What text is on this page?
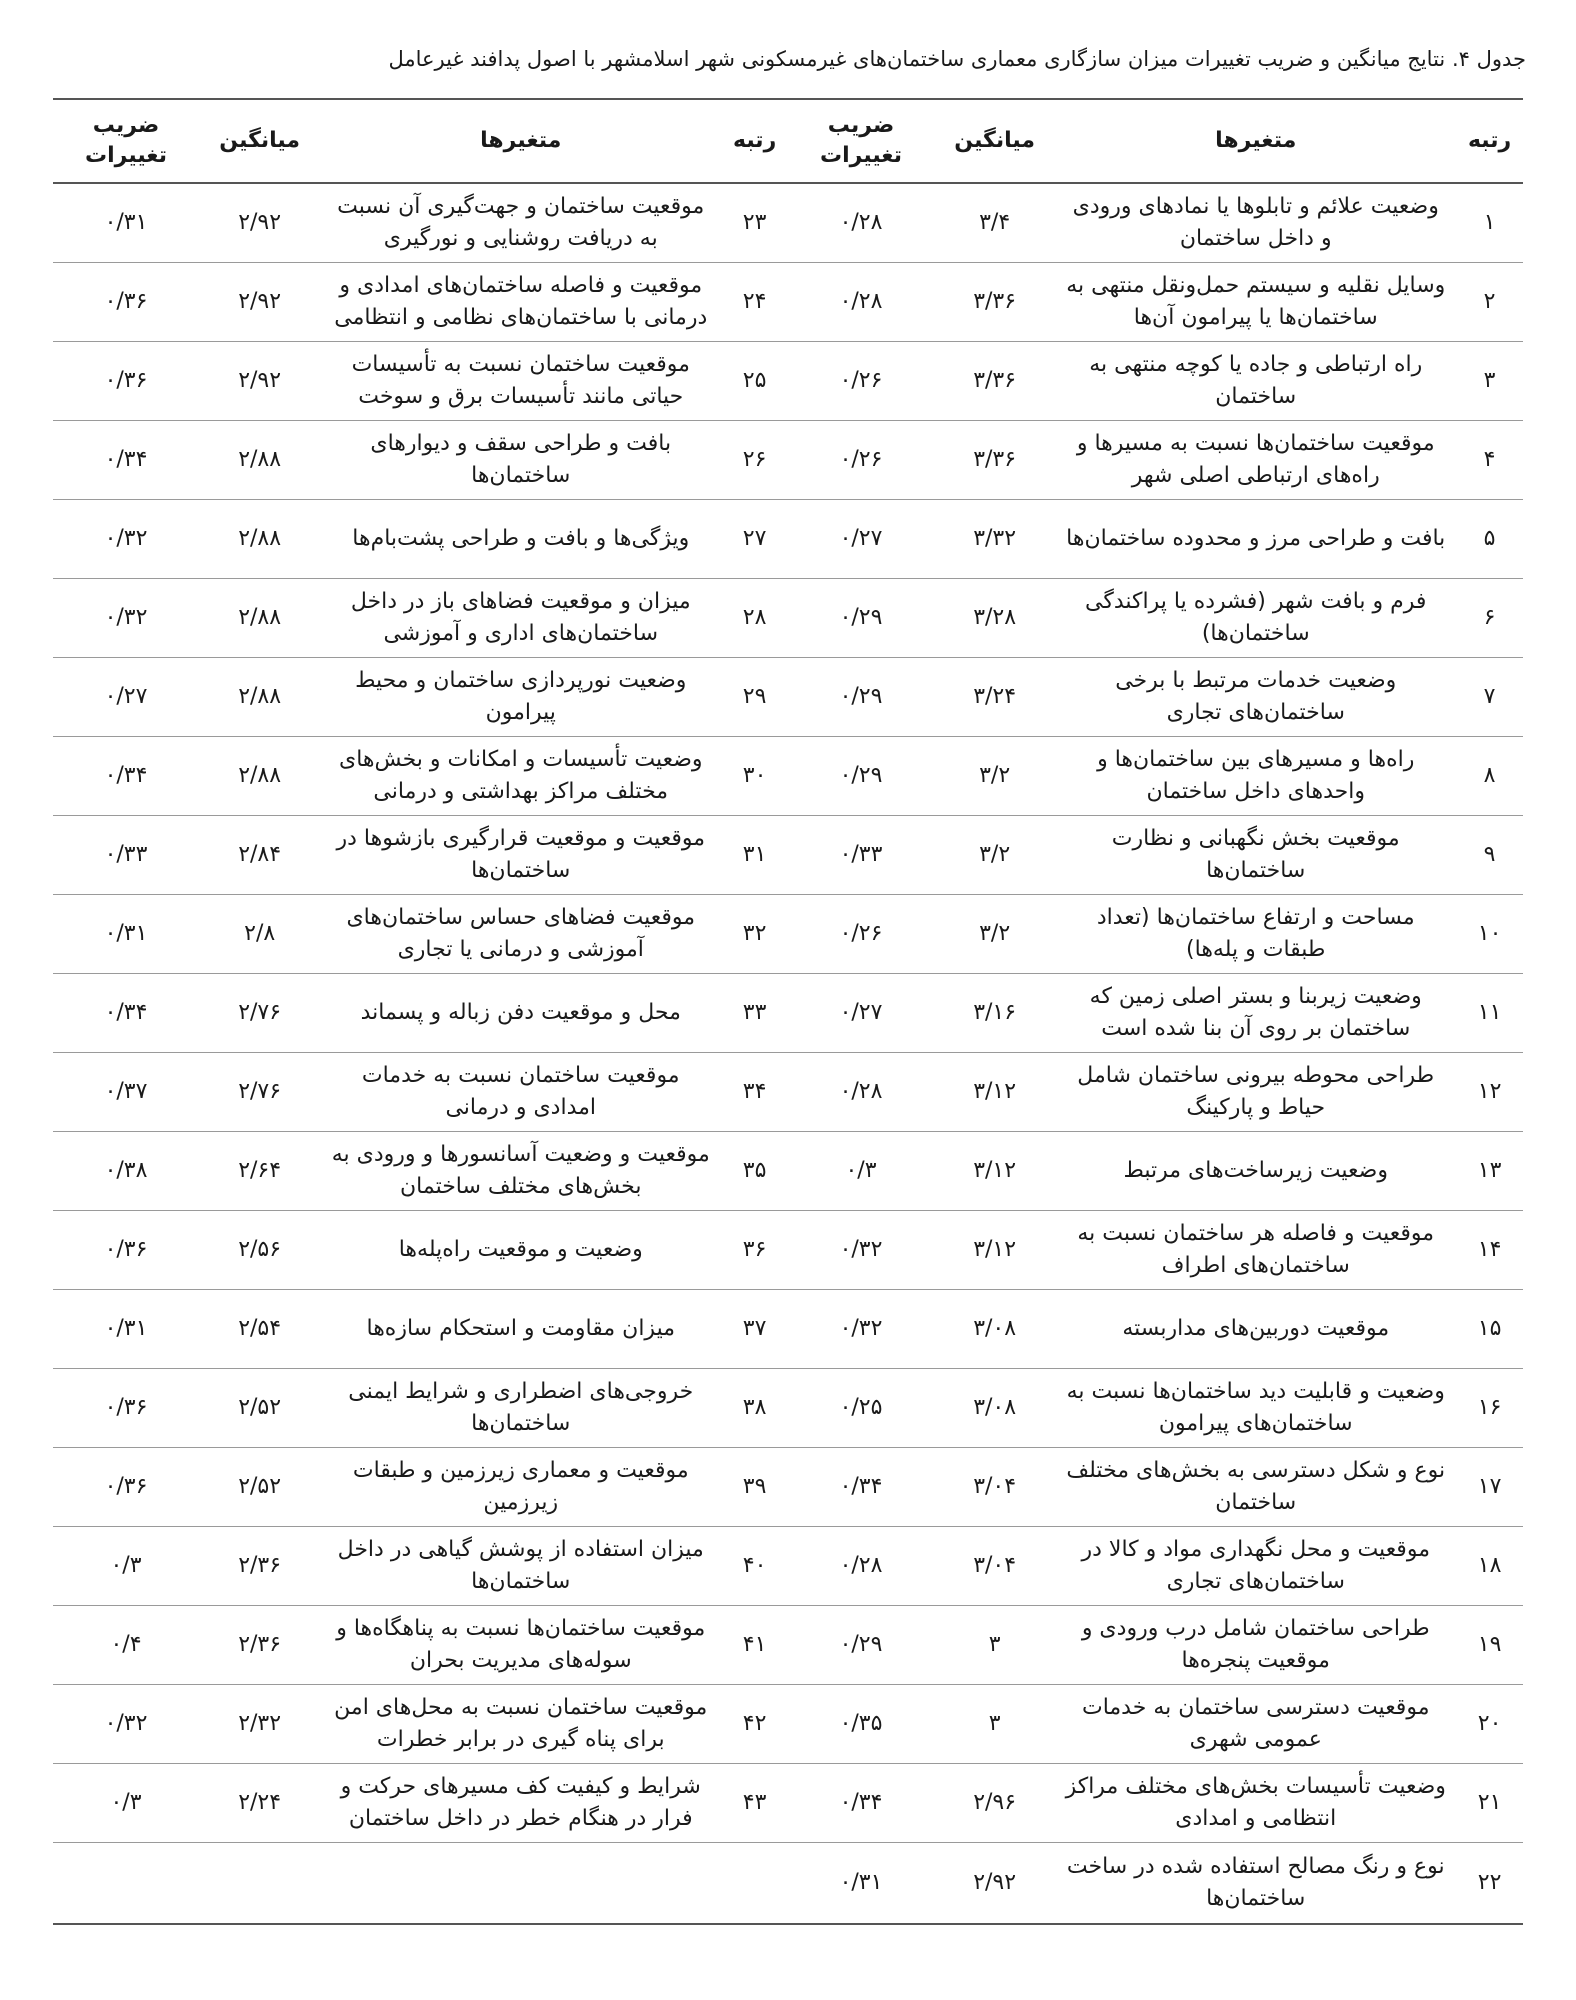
جدول ۴. نتایج میانگین و ضریب تغییرات میزان سازگاری معماری ساختمان‌های غیرمسکونی شهر اسلامشهر با اصول پدافند غیرعامل
رتبه	متغیرها	میانگین	ضریب تغییرات	رتبه	متغیرها	میانگین	ضریب تغییرات
۱	وضعیت علائم و تابلوها یا نمادهای ورودی و داخل ساختمان	۳/۴	۰/۲۸	۲۳	موقعیت ساختمان و جهت‌گیری آن نسبت به دریافت روشنایی و نورگیری	۲/۹۲	۰/۳۱
۲	وسایل نقلیه و سیستم حمل‌ونقل منتهی به ساختمان‌ها یا پیرامون آن‌ها	۳/۳۶	۰/۲۸	۲۴	موقعیت و فاصله ساختمان‌های امدادی و درمانی با ساختمان‌های نظامی و انتظامی	۲/۹۲	۰/۳۶
۳	راه ارتباطی و جاده یا کوچه منتهی به ساختمان	۳/۳۶	۰/۲۶	۲۵	موقعیت ساختمان نسبت به تأسیسات حیاتی مانند تأسیسات برق و سوخت	۲/۹۲	۰/۳۶
۴	موقعیت ساختمان‌ها نسبت به مسیرها و راه‌های ارتباطی اصلی شهر	۳/۳۶	۰/۲۶	۲۶	بافت و طراحی سقف و دیوارهای ساختمان‌ها	۲/۸۸	۰/۳۴
۵	بافت و طراحی مرز و محدوده ساختمان‌ها	۳/۳۲	۰/۲۷	۲۷	ویژگی‌ها و بافت و طراحی پشت‌بام‌ها	۲/۸۸	۰/۳۲
۶	فرم و بافت شهر (فشرده یا پراکندگی ساختمان‌ها)	۳/۲۸	۰/۲۹	۲۸	میزان و موقعیت فضاهای باز در داخل ساختمان‌های اداری و آموزشی	۲/۸۸	۰/۳۲
۷	وضعیت خدمات مرتبط با برخی ساختمان‌های تجاری	۳/۲۴	۰/۲۹	۲۹	وضعیت نورپردازی ساختمان و محیط پیرامون	۲/۸۸	۰/۲۷
۸	راه‌ها و مسیرهای بین ساختمان‌ها و واحدهای داخل ساختمان	۳/۲	۰/۲۹	۳۰	وضعیت تأسیسات و امکانات و بخش‌های مختلف مراکز بهداشتی و درمانی	۲/۸۸	۰/۳۴
۹	موقعیت بخش نگهبانی و نظارت ساختمان‌ها	۳/۲	۰/۳۳	۳۱	موقعیت و موقعیت قرارگیری بازشوها در ساختمان‌ها	۲/۸۴	۰/۳۳
۱۰	مساحت و ارتفاع ساختمان‌ها (تعداد طبقات و پله‌ها)	۳/۲	۰/۲۶	۳۲	موقعیت فضاهای حساس ساختمان‌های آموزشی و درمانی یا تجاری	۲/۸	۰/۳۱
۱۱	وضعیت زیربنا و بستر اصلی زمین که ساختمان بر روی آن بنا شده است	۳/۱۶	۰/۲۷	۳۳	محل و موقعیت دفن زباله و پسماند	۲/۷۶	۰/۳۴
۱۲	طراحی محوطه بیرونی ساختمان شامل حیاط و پارکینگ	۳/۱۲	۰/۲۸	۳۴	موقعیت ساختمان نسبت به خدمات امدادی و درمانی	۲/۷۶	۰/۳۷
۱۳	وضعیت زیرساخت‌های مرتبط	۳/۱۲	۰/۳	۳۵	موقعیت و وضعیت آسانسورها و ورودی به بخش‌های مختلف ساختمان	۲/۶۴	۰/۳۸
۱۴	موقعیت و فاصله هر ساختمان نسبت به ساختمان‌های اطراف	۳/۱۲	۰/۳۲	۳۶	وضعیت و موقعیت راه‌پله‌ها	۲/۵۶	۰/۳۶
۱۵	موقعیت دوربین‌های مداربسته	۳/۰۸	۰/۳۲	۳۷	میزان مقاومت و استحکام سازه‌ها	۲/۵۴	۰/۳۱
۱۶	وضعیت و قابلیت دید ساختمان‌ها نسبت به ساختمان‌های پیرامون	۳/۰۸	۰/۲۵	۳۸	خروجی‌های اضطراری و شرایط ایمنی ساختمان‌ها	۲/۵۲	۰/۳۶
۱۷	نوع و شکل دسترسی به بخش‌های مختلف ساختمان	۳/۰۴	۰/۳۴	۳۹	موقعیت و معماری زیرزمین و طبقات زیرزمین	۲/۵۲	۰/۳۶
۱۸	موقعیت و محل نگهداری مواد و کالا در ساختمان‌های تجاری	۳/۰۴	۰/۲۸	۴۰	میزان استفاده از پوشش گیاهی در داخل ساختمان‌ها	۲/۳۶	۰/۳
۱۹	طراحی ساختمان شامل درب ورودی و موقعیت پنجره‌ها	۳	۰/۲۹	۴۱	موقعیت ساختمان‌ها نسبت به پناهگاه‌ها و سوله‌های مدیریت بحران	۲/۳۶	۰/۴
۲۰	موقعیت دسترسی ساختمان به خدمات عمومی شهری	۳	۰/۳۵	۴۲	موقعیت ساختمان نسبت به محل‌های امن برای پناه گیری در برابر خطرات	۲/۳۲	۰/۳۲
۲۱	وضعیت تأسیسات بخش‌های مختلف مراکز انتظامی و امدادی	۲/۹۶	۰/۳۴	۴۳	شرایط و کیفیت کف مسیرهای حرکت و فرار در هنگام خطر در داخل ساختمان	۲/۲۴	۰/۳
۲۲	نوع و رنگ مصالح استفاده شده در ساخت ساختمان‌ها	۲/۹۲	۰/۳۱				
